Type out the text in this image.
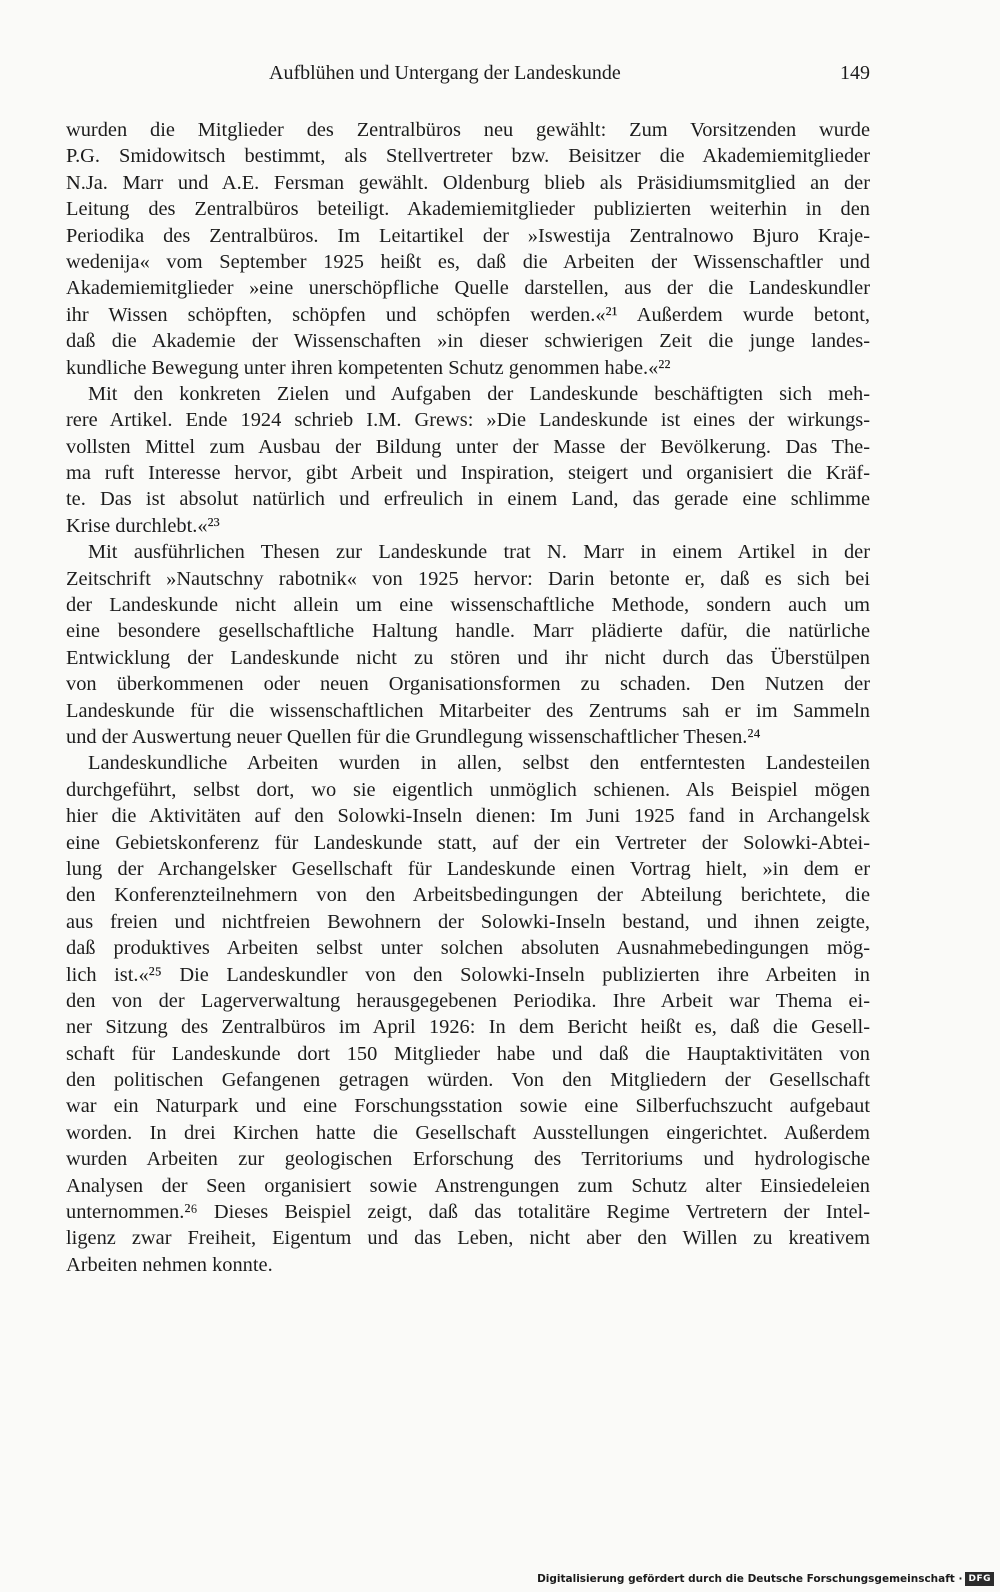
Aufblühen und Untergang der Landeskunde	149
wurden die Mitglieder des Zentralbüros neu gewählt: Zum Vorsitzenden wurde
P.G. Smidowitsch bestimmt, als Stellvertreter bzw. Beisitzer die Akademiemitglieder
N.Ja. Marr und A.E. Fersman gewählt. Oldenburg blieb als Präsidiumsmitglied an der
Leitung des Zentralbüros beteiligt. Akademiemitglieder publizierten weiterhin in den
Periodika des Zentralbüros. Im Leitartikel der »Iswestija Zentralnowo Bjuro Kraje-
wedenija« vom September 1925 heißt es, daß die Arbeiten der Wissenschaftler und
Akademiemitglieder »eine unerschöpfliche Quelle darstellen, aus der die Landeskundler
ihr Wissen schöpften, schöpfen und schöpfen werden.«²¹ Außerdem wurde betont,
daß die Akademie der Wissenschaften »in dieser schwierigen Zeit die junge landes-
kundliche Bewegung unter ihren kompetenten Schutz genommen habe.«²²
Mit den konkreten Zielen und Aufgaben der Landeskunde beschäftigten sich meh-
rere Artikel. Ende 1924 schrieb I.M. Grews: »Die Landeskunde ist eines der wirkungs-
vollsten Mittel zum Ausbau der Bildung unter der Masse der Bevölkerung. Das The-
ma ruft Interesse hervor, gibt Arbeit und Inspiration, steigert und organisiert die Kräf-
te. Das ist absolut natürlich und erfreulich in einem Land, das gerade eine schlimme
Krise durchlebt.«²³
Mit ausführlichen Thesen zur Landeskunde trat N. Marr in einem Artikel in der
Zeitschrift »Nautschny rabotnik« von 1925 hervor: Darin betonte er, daß es sich bei
der Landeskunde nicht allein um eine wissenschaftliche Methode, sondern auch um
eine besondere gesellschaftliche Haltung handle. Marr plädierte dafür, die natürliche
Entwicklung der Landeskunde nicht zu stören und ihr nicht durch das Überstülpen
von überkommenen oder neuen Organisationsformen zu schaden. Den Nutzen der
Landeskunde für die wissenschaftlichen Mitarbeiter des Zentrums sah er im Sammeln
und der Auswertung neuer Quellen für die Grundlegung wissenschaftlicher Thesen.²⁴
Landeskundliche Arbeiten wurden in allen, selbst den entferntesten Landesteilen
durchgeführt, selbst dort, wo sie eigentlich unmöglich schienen. Als Beispiel mögen
hier die Aktivitäten auf den Solowki-Inseln dienen: Im Juni 1925 fand in Archangelsk
eine Gebietskonferenz für Landeskunde statt, auf der ein Vertreter der Solowki-Abtei-
lung der Archangelsker Gesellschaft für Landeskunde einen Vortrag hielt, »in dem er
den Konferenzteilnehmern von den Arbeitsbedingungen der Abteilung berichtete, die
aus freien und nichtfreien Bewohnern der Solowki-Inseln bestand, und ihnen zeigte,
daß produktives Arbeiten selbst unter solchen absoluten Ausnahmebedingungen mög-
lich ist.«²⁵ Die Landeskundler von den Solowki-Inseln publizierten ihre Arbeiten in
den von der Lagerverwaltung herausgegebenen Periodika. Ihre Arbeit war Thema ei-
ner Sitzung des Zentralbüros im April 1926: In dem Bericht heißt es, daß die Gesell-
schaft für Landeskunde dort 150 Mitglieder habe und daß die Hauptaktivitäten von
den politischen Gefangenen getragen würden. Von den Mitgliedern der Gesellschaft
war ein Naturpark und eine Forschungsstation sowie eine Silberfuchszucht aufgebaut
worden. In drei Kirchen hatte die Gesellschaft Ausstellungen eingerichtet. Außerdem
wurden Arbeiten zur geologischen Erforschung des Territoriums und hydrologische
Analysen der Seen organisiert sowie Anstrengungen zum Schutz alter Einsiedeleien
unternommen.²⁶ Dieses Beispiel zeigt, daß das totalitäre Regime Vertretern der Intel-
ligenz zwar Freiheit, Eigentum und das Leben, nicht aber den Willen zu kreativem
Arbeiten nehmen konnte.
Digitalisierung gefördert durch die Deutsche Forschungsgemeinschaft · DFG
